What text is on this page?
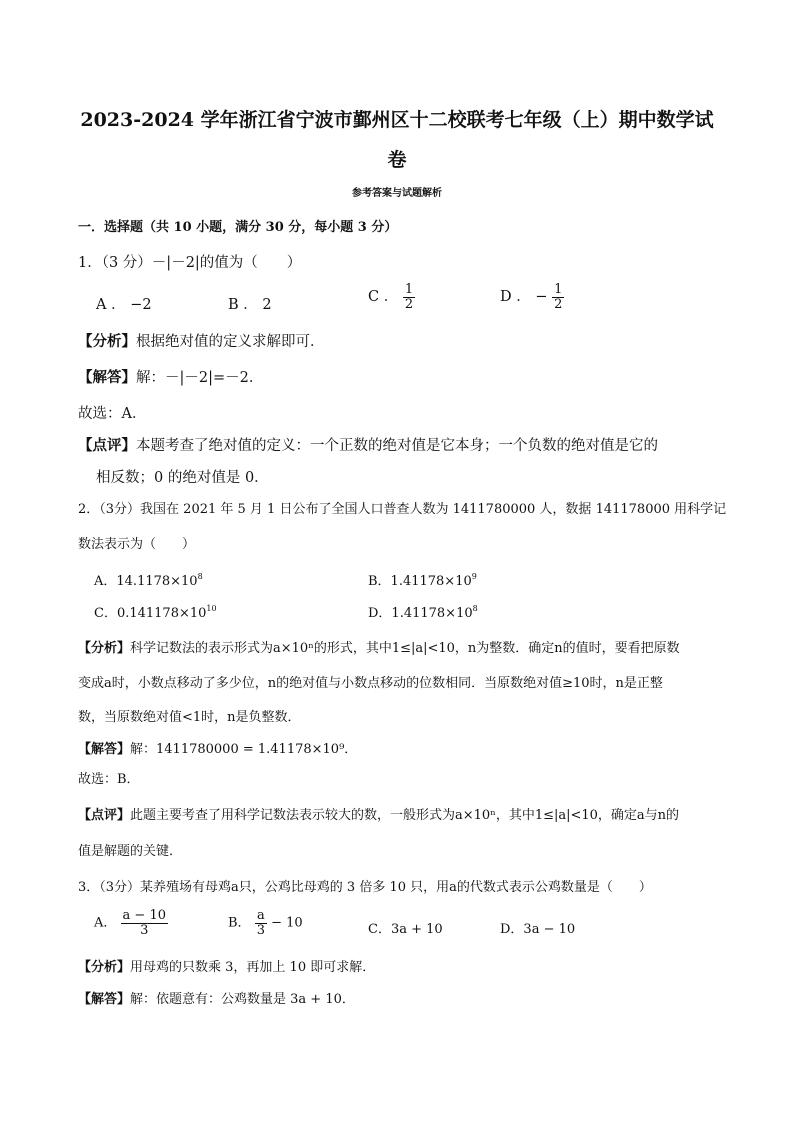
2023-2024 学年浙江省宁波市鄞州区十二校联考七年级（上）期中数学试
卷
参考答案与试题解析
一．选择题（共 10 小题，满分 30 分，每小题 3 分）
1．（3 分）－|－2|的值为（　　）
A ． −2	B ． 2	C ． $\frac{1}{2}$	D ． − $\frac{1}{2}$
【分析】根据绝对值的定义求解即可．
【解答】解：－|－2|=－2．
故选：A．
【点评】本题考查了绝对值的定义：一个正数的绝对值是它本身；一个负数的绝对值是它的
相反数；0 的绝对值是 0．
2．（3分）我国在 2021 年 5 月 1 日公布了全国人口普查人数为 1411780000 人，数据 141178000 用科学记
数法表示为（　　）
A．$14.1178\times 10^8$	B．$1.41178\times 10^9$
C．$0.141178\times 10^{10}$	D．$1.41178\times 10^8$
【分析】科学记数法的表示形式为a×10ⁿ的形式，其中1≤|a|<10，n为整数．确定n的值时，要看把原数
变成a时，小数点移动了多少位，n的绝对值与小数点移动的位数相同．当原数绝对值≥10时，n是正整
数，当原数绝对值<1时，n是负整数．
【解答】解：1411780000 = 1.41178×10⁹．
故选：B．
【点评】此题主要考查了用科学记数法表示较大的数，一般形式为a×10ⁿ，其中1≤|a|<10，确定a与n的
值是解题的关键．
3．（3分）某养殖场有母鸡a只，公鸡比母鸡的 3 倍多 10 只，用a的代数式表示公鸡数量是（　　）
A． $\frac{a - 10}{3}$	B． $\frac{a}{3} - 10$	C．3a + 10	D．3a − 10
【分析】用母鸡的只数乘 3，再加上 10 即可求解．
【解答】解：依题意有：公鸡数量是 3a + 10．
